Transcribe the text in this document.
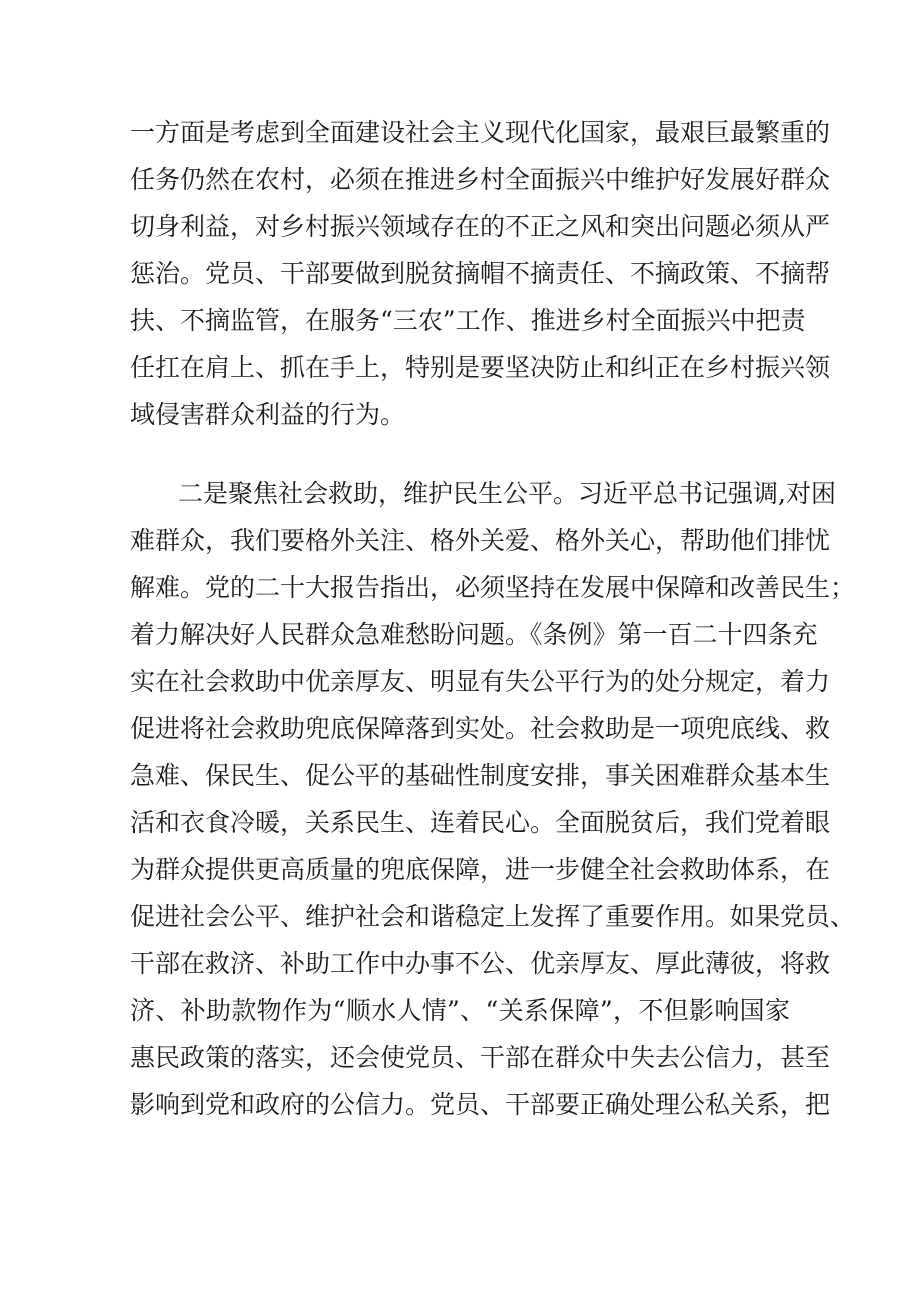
一方面是考虑到全面建设社会主义现代化国家，最艰巨最繁重的
任务仍然在农村，必须在推进乡村全面振兴中维护好发展好群众
切身利益，对乡村振兴领域存在的不正之风和突出问题必须从严
惩治。党员、干部要做到脱贫摘帽不摘责任、不摘政策、不摘帮
扶、不摘监管，在服务“三农”工作、推进乡村全面振兴中把责
任扛在肩上、抓在手上，特别是要坚决防止和纠正在乡村振兴领
域侵害群众利益的行为。
二是聚焦社会救助，维护民生公平。习近平总书记强调,对困
难群众，我们要格外关注、格外关爱、格外关心，帮助他们排忧
解难。党的二十大报告指出，必须坚持在发展中保障和改善民生；
着力解决好人民群众急难愁盼问题。《条例》第一百二十四条充
实在社会救助中优亲厚友、明显有失公平行为的处分规定，着力
促进将社会救助兜底保障落到实处。社会救助是一项兜底线、救
急难、保民生、促公平的基础性制度安排，事关困难群众基本生
活和衣食冷暖，关系民生、连着民心。全面脱贫后，我们党着眼
为群众提供更高质量的兜底保障，进一步健全社会救助体系，在
促进社会公平、维护社会和谐稳定上发挥了重要作用。如果党员、
干部在救济、补助工作中办事不公、优亲厚友、厚此薄彼，将救
济、补助款物作为“顺水人情”、“关系保障”，不但影响国家
惠民政策的落实，还会使党员、干部在群众中失去公信力，甚至
影响到党和政府的公信力。党员、干部要正确处理公私关系，把
